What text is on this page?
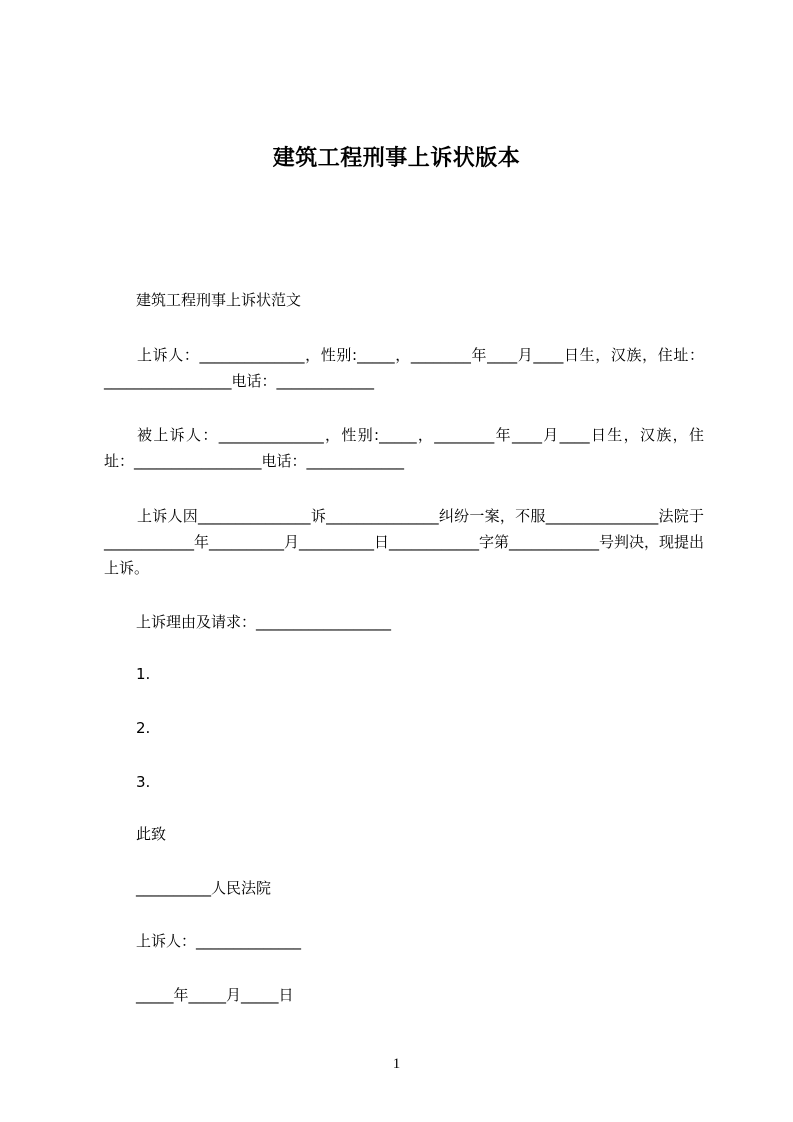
建筑工程刑事上诉状版本
建筑工程刑事上诉状范文
上诉人：______________，性别:_____，________年____月____日生，汉族，住址：_________________电话：_____________
被上诉人：______________，性别:_____，________年____月____日生，汉族，住址：_________________电话：_____________
上诉人因_______________诉_______________纠纷一案，不服_______________法院于____________年__________月__________日____________字第____________号判决，现提出上诉。
上诉理由及请求：__________________
1.
2.
3.
此致
__________人民法院
上诉人：______________
_____年_____月_____日
1
